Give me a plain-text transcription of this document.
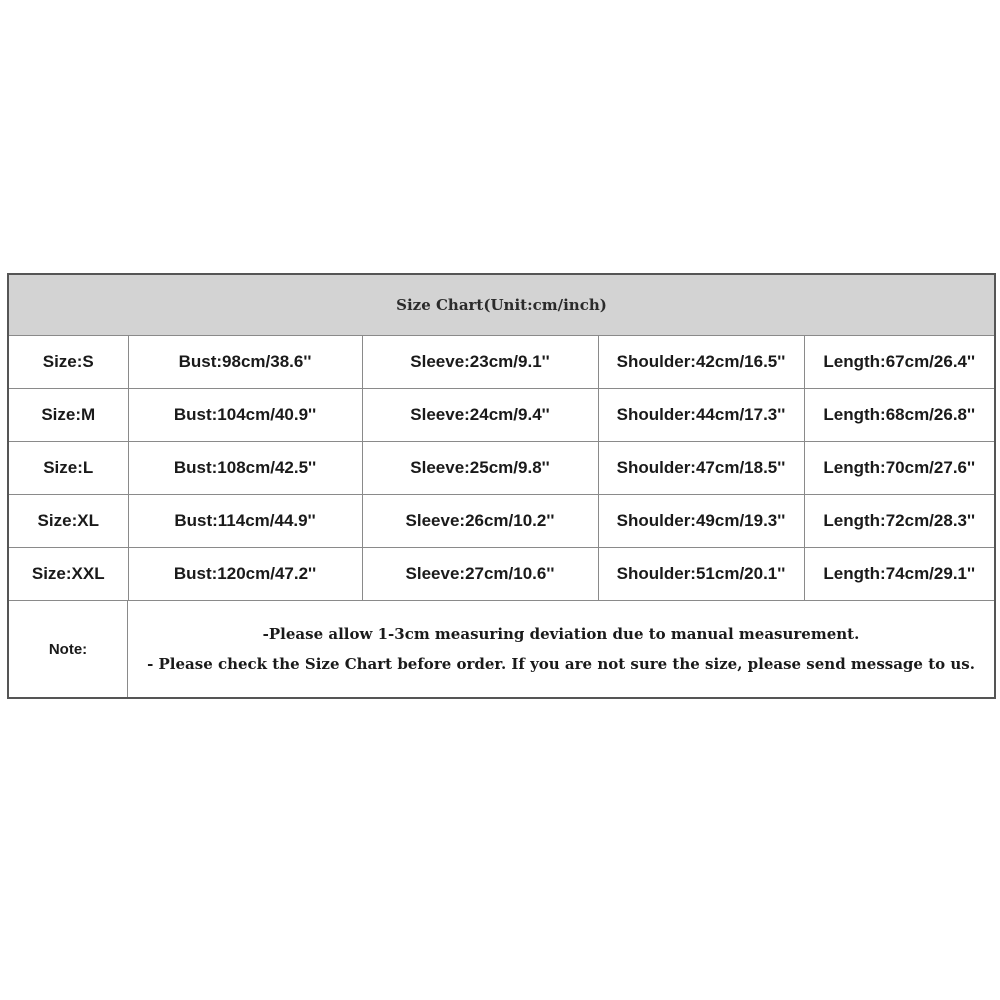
Size Chart(Unit:cm/inch)
Size:S	Bust:98cm/38.6''	Sleeve:23cm/9.1''	Shoulder:42cm/16.5''	Length:67cm/26.4''
Size:M	Bust:104cm/40.9''	Sleeve:24cm/9.4''	Shoulder:44cm/17.3''	Length:68cm/26.8''
Size:L	Bust:108cm/42.5''	Sleeve:25cm/9.8''	Shoulder:47cm/18.5''	Length:70cm/27.6''
Size:XL	Bust:114cm/44.9''	Sleeve:26cm/10.2''	Shoulder:49cm/19.3''	Length:72cm/28.3''
Size:XXL	Bust:120cm/47.2''	Sleeve:27cm/10.6''	Shoulder:51cm/20.1''	Length:74cm/29.1''
Note:
-Please allow 1-3cm measuring deviation due to manual measurement.
- Please check the Size Chart before order. If you are not sure the size, please send message to us.
